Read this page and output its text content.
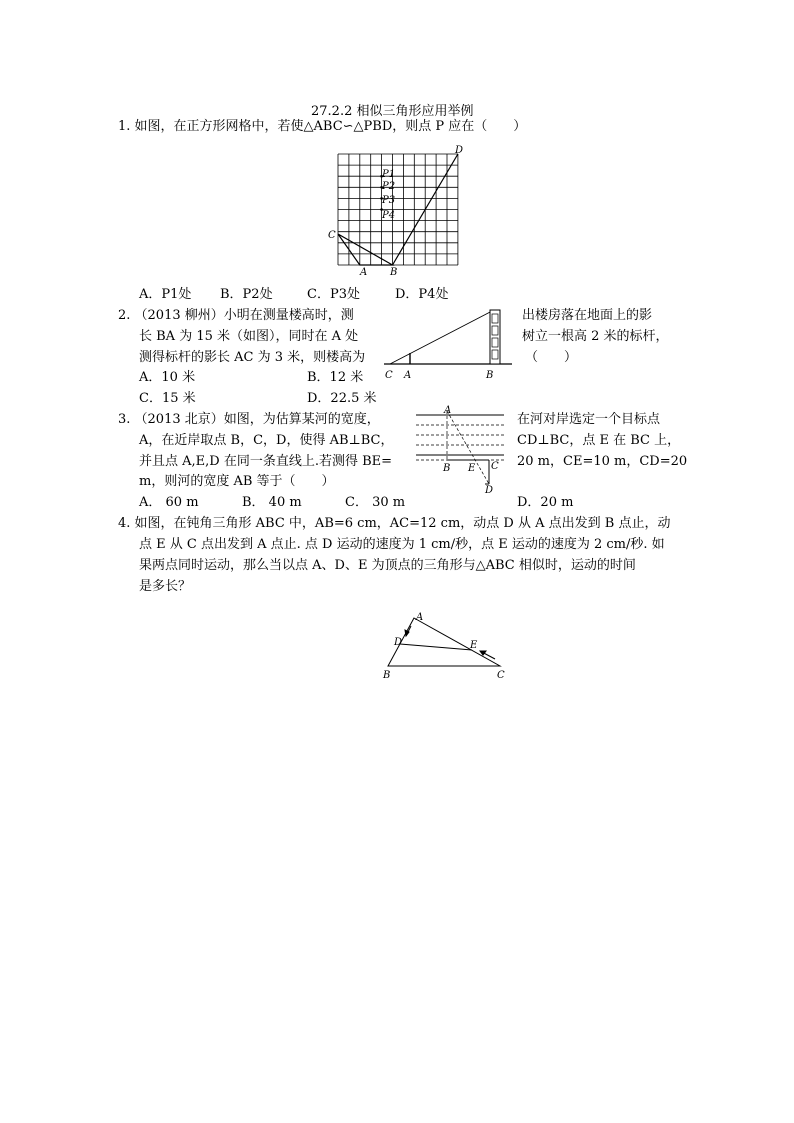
27.2.2 相似三角形应用举例
1. 如图，在正方形网格中，若使△ABC∽△PBD，则点 P 应在（　　）
D
P1
P2
P3
P4
C
A B
A．P1处 B．P2处	C．P3处	D．P4处
2. （2013 柳州）小明在测量楼高时，测	出楼房落在地面上的影
长 BA 为 15 米（如图），同时在 A 处	树立一根高 2 米的标杆，
测得标杆的影长 AC 为 3 米，则楼高为	（　　）
C A	B
A．10 米	B．12 米
C．15 米	D．22.5 米
3. （2013 北京）如图，为估算某河的宽度，	在河对岸选定一个目标点
A，在近岸取点 B，C，D，使得 AB⊥BC，	CD⊥BC，点 E 在 BC 上，
并且点 A,E,D 在同一条直线上.若测得 BE=	20 m，CE=10 m，CD=20
m，则河的宽度 AB 等于（　　）
A
B E C
D
A． 60 m	B． 40 m	C． 30 m	D．20 m
4. 如图，在钝角三角形 ABC 中，AB=6 cm，AC=12 cm，动点 D 从 A 点出发到 B 点止，动
点 E 从 C 点出发到 A 点止. 点 D 运动的速度为 1 cm/秒，点 E 运动的速度为 2 cm/秒. 如
果两点同时运动，那么当以点 A、D、E 为顶点的三角形与△ABC 相似时，运动的时间
是多长？
A
D	E
B	C
